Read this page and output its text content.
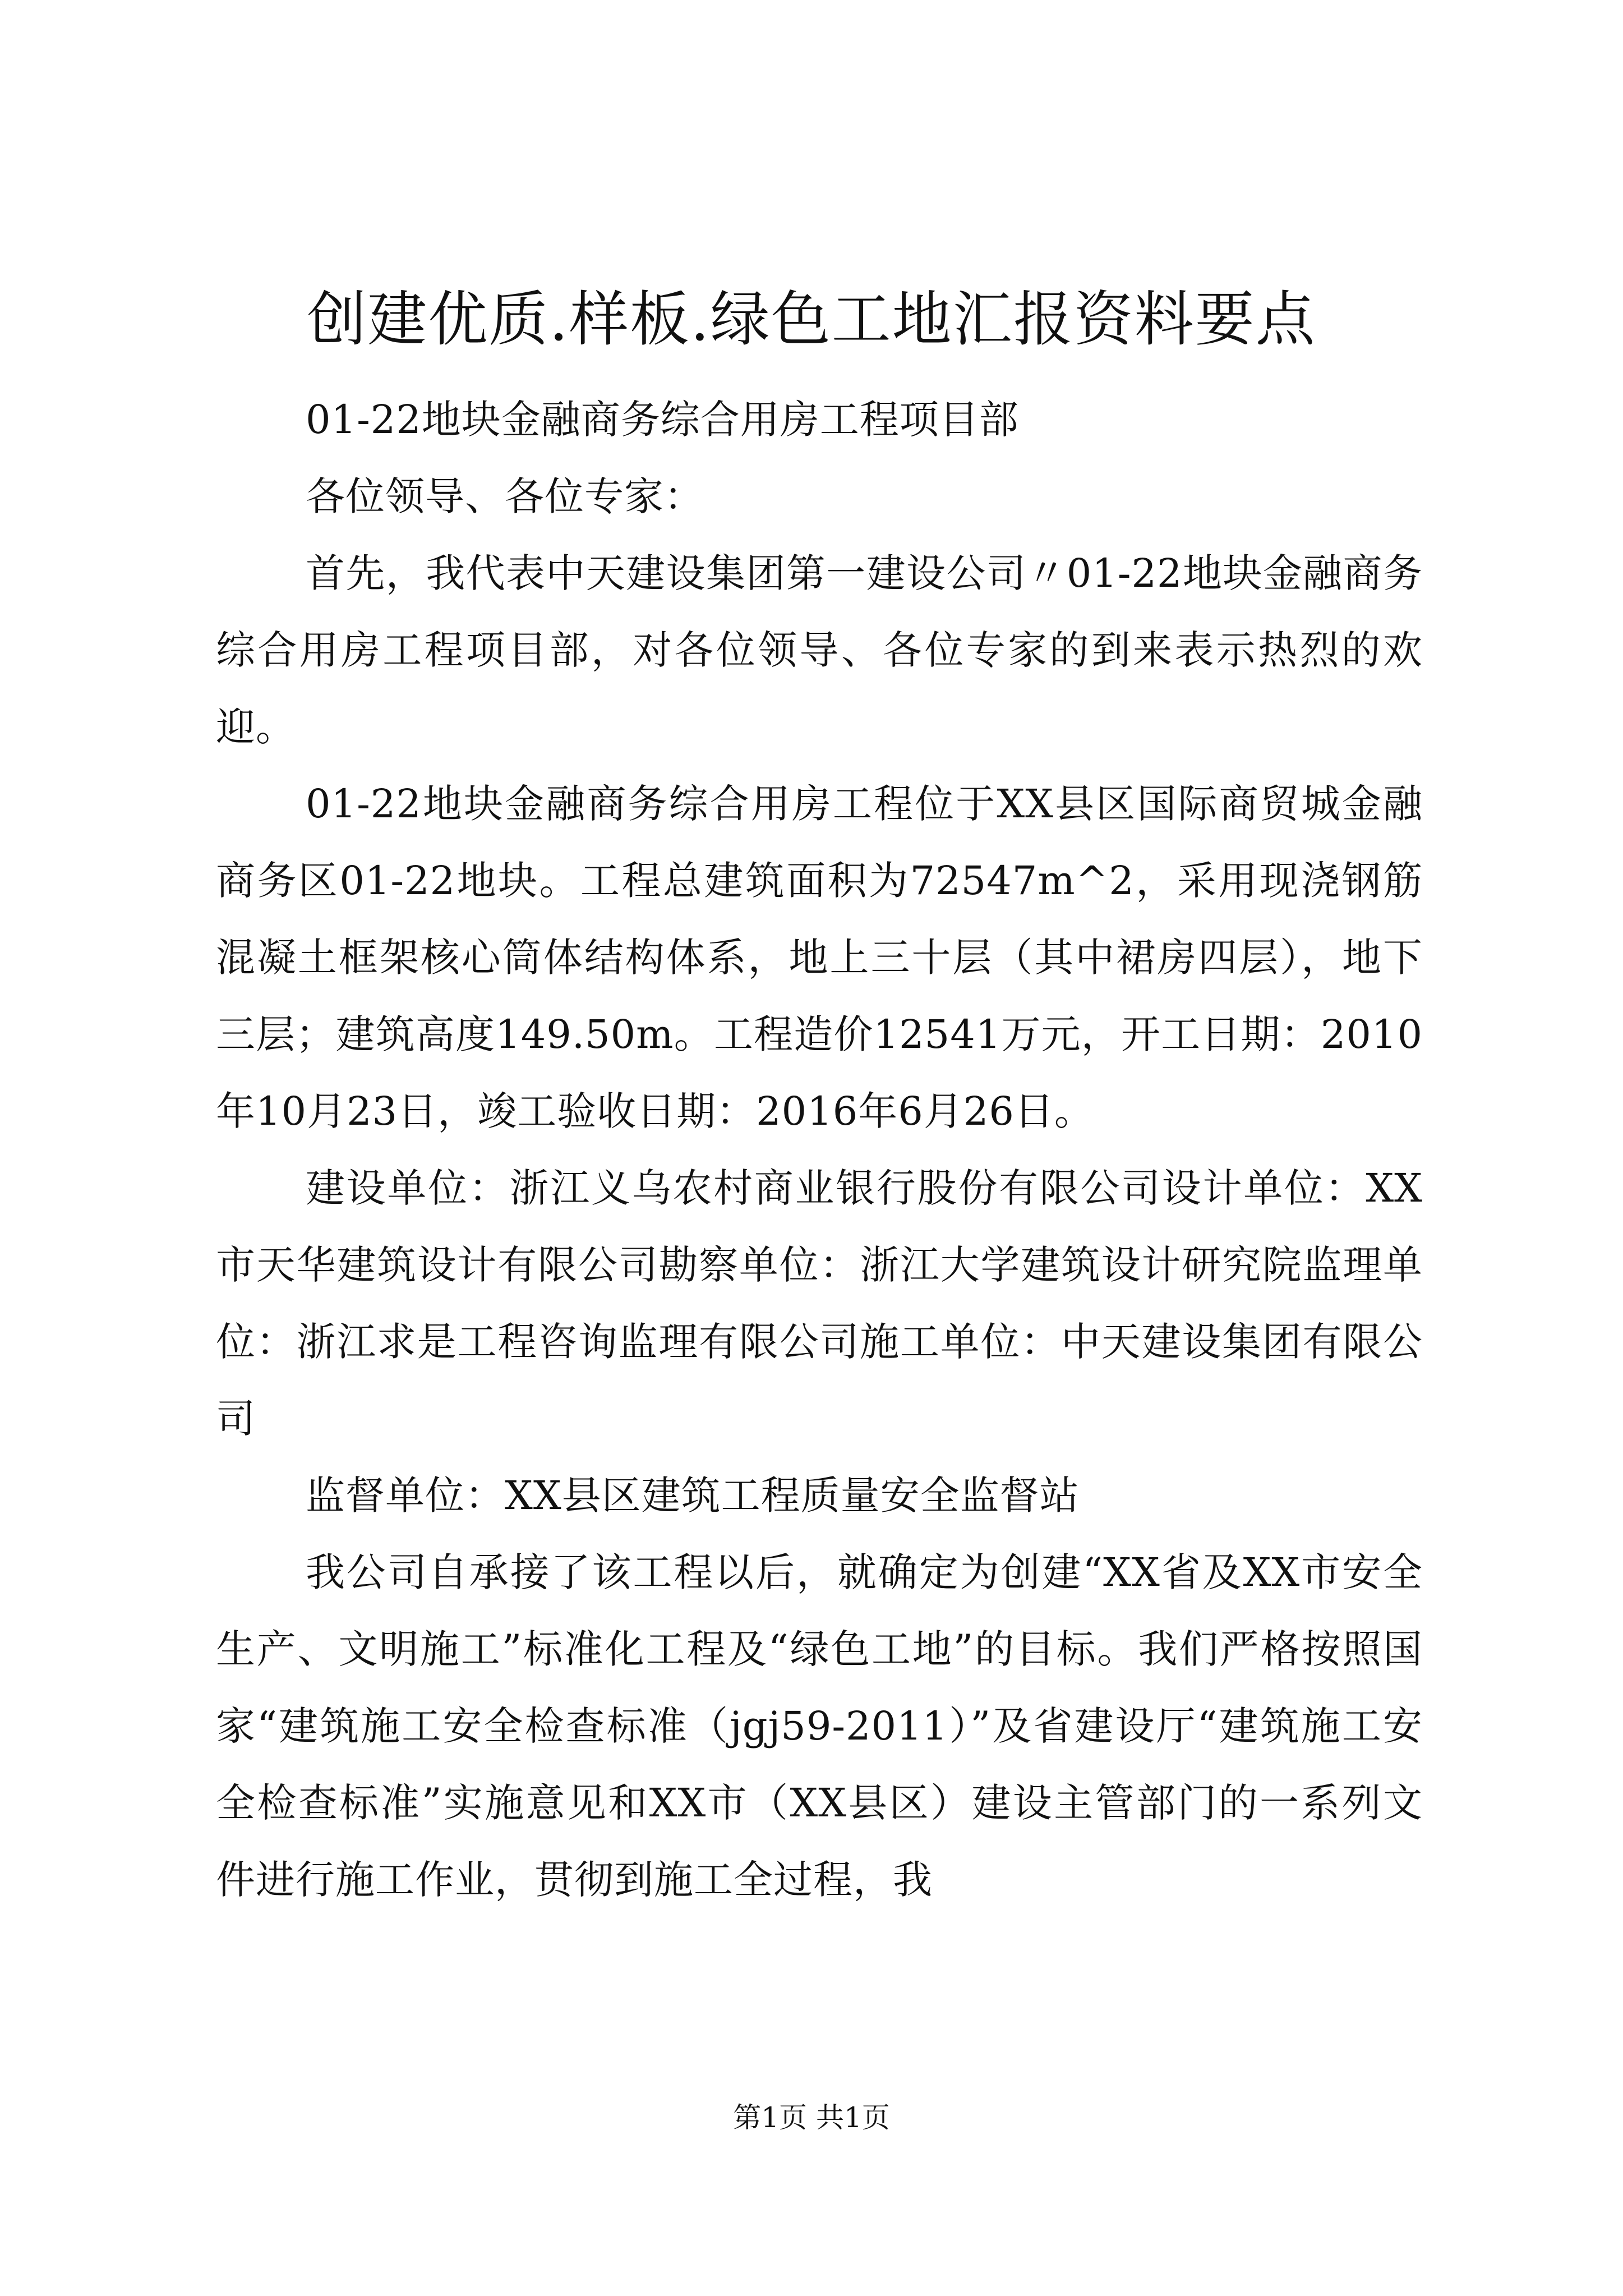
创建优质.样板.绿色工地汇报资料要点

01-22地块金融商务综合用房工程项目部

各位领导、各位专家：

首先，我代表中天建设集团第一建设公司〃01-22地块金融商务综合用房工程项目部，对各位领导、各位专家的到来表示热烈的欢迎。

01-22地块金融商务综合用房工程位于XX县区国际商贸城金融商务区01-22地块。工程总建筑面积为72547m^2，采用现浇钢筋混凝土框架核心筒体结构体系，地上三十层（其中裙房四层），地下三层；建筑高度149.50m。工程造价12541万元，开工日期：2010年10月23日，竣工验收日期：2016年6月26日。

建设单位：浙江义乌农村商业银行股份有限公司设计单位：XX市天华建筑设计有限公司勘察单位：浙江大学建筑设计研究院监理单位：浙江求是工程咨询监理有限公司施工单位：中天建设集团有限公司

监督单位：XX县区建筑工程质量安全监督站

我公司自承接了该工程以后，就确定为创建“XX省及XX市安全生产、文明施工”标准化工程及“绿色工地”的目标。我们严格按照国家“建筑施工安全检查标准（jgj59-2011）”及省建设厅“建筑施工安全检查标准”实施意见和XX市（XX县区）建设主管部门的一系列文件进行施工作业，贯彻到施工全过程，我

第1页 共1页
